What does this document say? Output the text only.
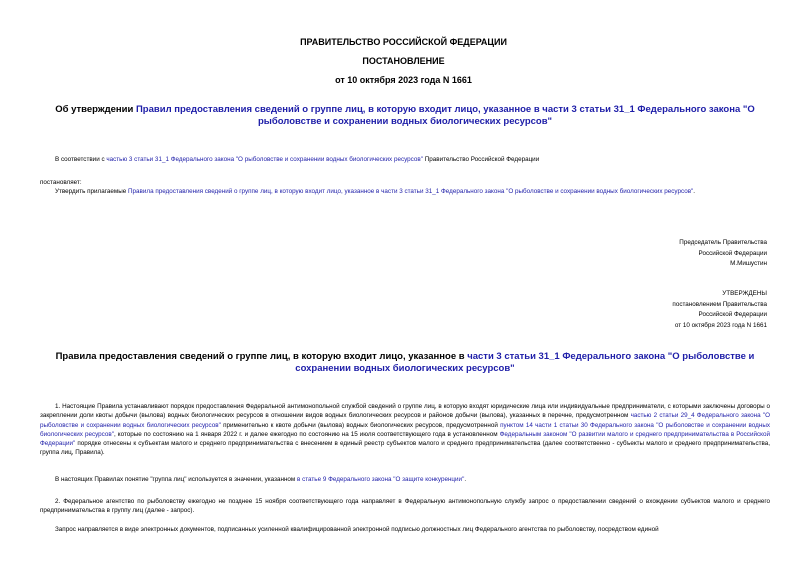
ПРАВИТЕЛЬСТВО РОССИЙСКОЙ ФЕДЕРАЦИИ
ПОСТАНОВЛЕНИЕ
от 10 октября 2023 года N 1661
Об утверждении Правил предоставления сведений о группе лиц, в которую входит лицо, указанное в части 3 статьи 31_1 Федерального закона "О рыболовстве и сохранении водных биологических ресурсов"
В соответствии с частью 3 статьи 31_1 Федерального закона "О рыболовстве и сохранении водных биологических ресурсов" Правительство Российской Федерации
постановляет:
Утвердить прилагаемые Правила предоставления сведений о группе лиц, в которую входит лицо, указанное в части 3 статьи 31_1 Федерального закона "О рыболовстве и сохранении водных биологических ресурсов".
Председатель Правительства
Российской Федерации
М.Мишустин
УТВЕРЖДЕНЫ
постановлением Правительства
Российской Федерации
от 10 октября 2023 года N 1661
Правила предоставления сведений о группе лиц, в которую входит лицо, указанное в части 3 статьи 31_1 Федерального закона "О рыболовстве и сохранении водных биологических ресурсов"
1. Настоящие Правила устанавливают порядок предоставления Федеральной антимонопольной службой сведений о группе лиц, в которую входят юридические лица или индивидуальные предприниматели, с которыми заключены договоры о закреплении доли квоты добычи (вылова) водных биологических ресурсов в отношении видов водных биологических ресурсов и районов добычи (вылова), указанных в перечне, предусмотренном частью 2 статьи 29_4 Федерального закона "О рыболовстве и сохранении водных биологических ресурсов" применительно к квоте добычи (вылова) водных биологических ресурсов, предусмотренной пунктом 14 части 1 статьи 30 Федерального закона "О рыболовстве и сохранении водных биологических ресурсов", которые по состоянию на 1 января 2022 г. и далее ежегодно по состоянию на 15 июля соответствующего года в установленном Федеральным законом "О развитии малого и среднего предпринимательства в Российской Федерации" порядке отнесены к субъектам малого и среднего предпринимательства с внесением в единый реестр субъектов малого и среднего предпринимательства (далее соответственно - субъекты малого и среднего предпринимательства, группа лиц, Правила).
В настоящих Правилах понятие "группа лиц" используется в значении, указанном в статье 9 Федерального закона "О защите конкуренции".
2. Федеральное агентство по рыболовству ежегодно не позднее 15 ноября соответствующего года направляет в Федеральную антимонопольную службу запрос о предоставлении сведений о вхождении субъектов малого и среднего предпринимательства в группу лиц (далее - запрос).
Запрос направляется в виде электронных документов, подписанных усиленной квалифицированной электронной подписью должностных лиц Федерального агентства по рыболовству, посредством единой
